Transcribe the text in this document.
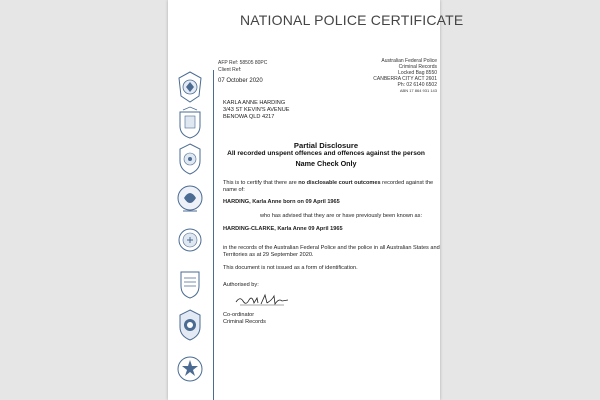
NATIONAL POLICE CERTIFICATE
AFP Ref: 58505 80PC
Client Ref:
07 October 2020
Australian Federal Police
Criminal Records
Locked Bag 8550
CANBERRA CITY ACT 2601
Ph: 02 6140 6502
ABN 17 864 931 143
KARLA ANNE HARDING
3/43 ST KEVIN'S AVENUE
BENOWA QLD 4217
Partial Disclosure
All recorded unspent offences and offences against the person
Name Check Only
This is to certify that there are no disclosable court outcomes recorded against the
name of:
HARDING, Karla Anne born on 09 April 1965
who has advised that they are or have previously been known as:
HARDING-CLARKE, Karla Anne 09 April 1965
in the records of the Australian Federal Police and the police in all Australian States and
Territories as at 29 September 2020.
This document is not issued as a form of identification.
Authorised by:
Co-ordinator
Criminal Records
